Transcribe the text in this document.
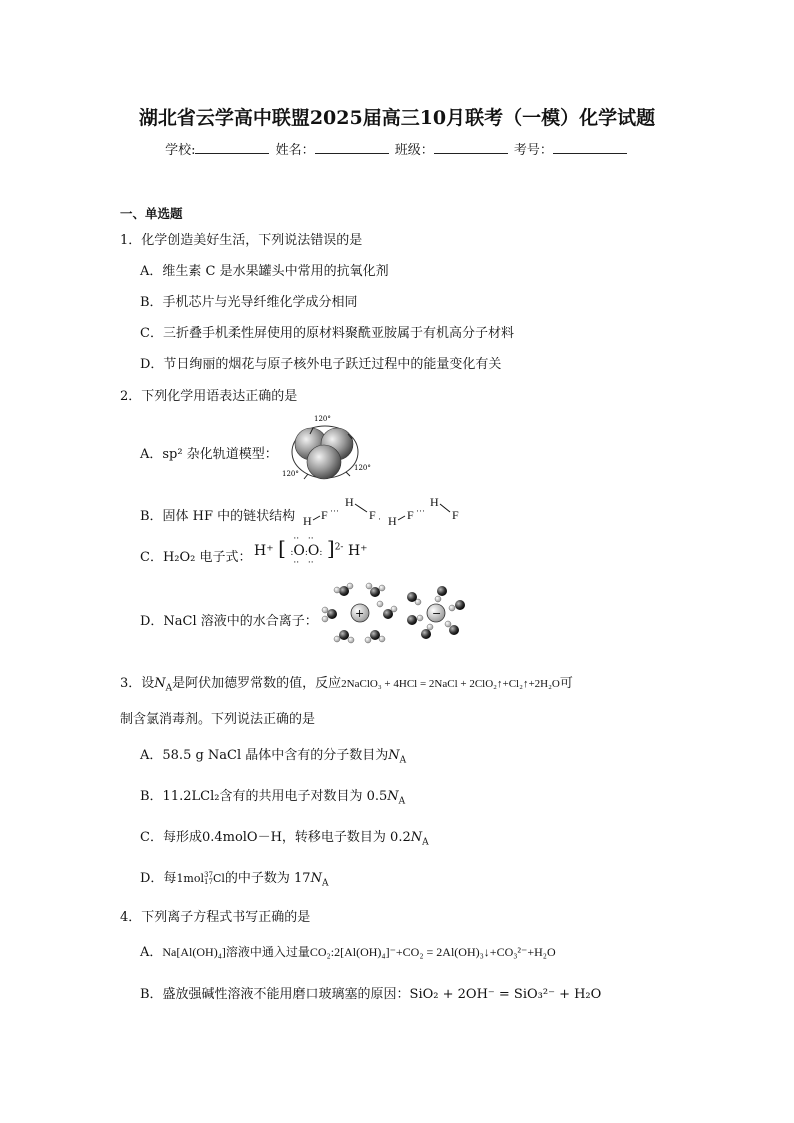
湖北省云学高中联盟2025届高三10月联考（一模）化学试题
学校:	姓名：	班级：	考号：
一、单选题
1．化学创造美好生活，下列说法错误的是
A．维生素 C 是水果罐头中常用的抗氧化剂
B．手机芯片与光导纤维化学成分相同
C．三折叠手机柔性屏使用的原材料聚酰亚胺属于有机高分子材料
D．节日绚丽的烟花与原子核外电子跃迁过程中的能量变化有关
2．下列化学用语表达正确的是
A．sp² 杂化轨道模型：
120°
120°
120°
B．固体 HF 中的链状结构 H F ···
H
F · H F ···
H
F
C．H₂O₂ 电子式： H⁺ [ :
··
O
··
:
··
O
··
: ]$^{2-}$ H⁺
D．NaCl 溶液中的水合离子：
+	−
3．设$N_A$是阿伏加德罗常数的值，反应2NaClO₃ + 4HCl = 2NaCl + 2ClO₂↑+Cl₂↑+2H₂O可
制含氯消毒剂。下列说法正确的是
A．58.5 g NaCl 晶体中含有的分子数目为$N_A$
B．11.2LCl₂含有的共用电子对数目为 $0.5N_A$
C．每形成0.4molO－H，转移电子数目为 $0.2N_A$
D．每1mol37
17Cl的中子数为 $17N_A$
4．下列离子方程式书写正确的是
A．Na[Al(OH)₄]溶液中通入过量CO₂:2[Al(OH)₄]⁻+CO₂ = 2Al(OH)₃↓+CO₃²⁻+H₂O
B．盛放强碱性溶液不能用磨口玻璃塞的原因：SiO₂ + 2OH⁻ = SiO₃²⁻ + H₂O
